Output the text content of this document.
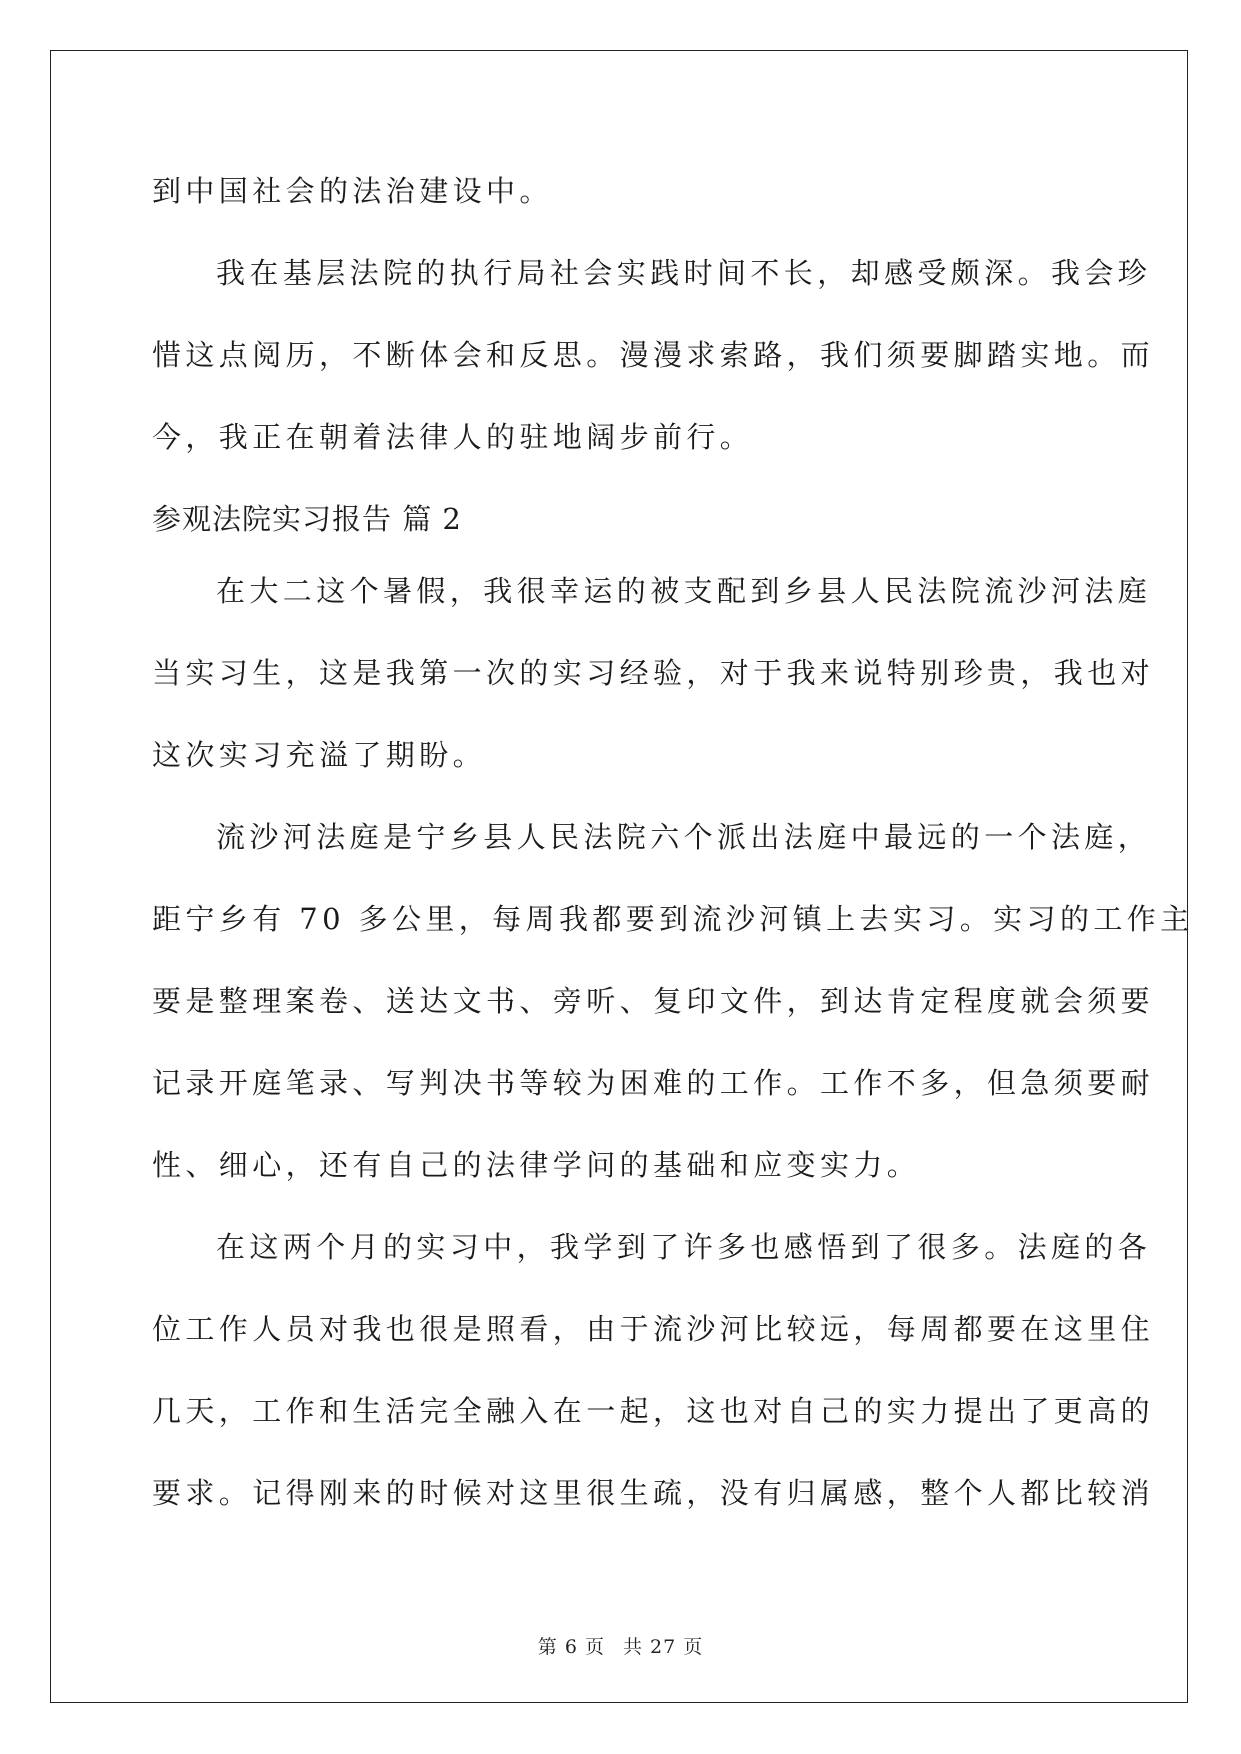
到中国社会的法治建设中。
我在基层法院的执行局社会实践时间不长，却感受颇深。我会珍
惜这点阅历，不断体会和反思。漫漫求索路，我们须要脚踏实地。而
今，我正在朝着法律人的驻地阔步前行。
参观法院实习报告 篇 2
在大二这个暑假，我很幸运的被支配到乡县人民法院流沙河法庭
当实习生，这是我第一次的实习经验，对于我来说特别珍贵，我也对
这次实习充溢了期盼。
流沙河法庭是宁乡县人民法院六个派出法庭中最远的一个法庭，
距宁乡有 70 多公里，每周我都要到流沙河镇上去实习。实习的工作主
要是整理案卷、送达文书、旁听、复印文件，到达肯定程度就会须要
记录开庭笔录、写判决书等较为困难的工作。工作不多，但急须要耐
性、细心，还有自己的法律学问的基础和应变实力。
在这两个月的实习中，我学到了许多也感悟到了很多。法庭的各
位工作人员对我也很是照看，由于流沙河比较远，每周都要在这里住
几天，工作和生活完全融入在一起，这也对自己的实力提出了更高的
要求。记得刚来的时候对这里很生疏，没有归属感，整个人都比较消
第 6 页 共 27 页
